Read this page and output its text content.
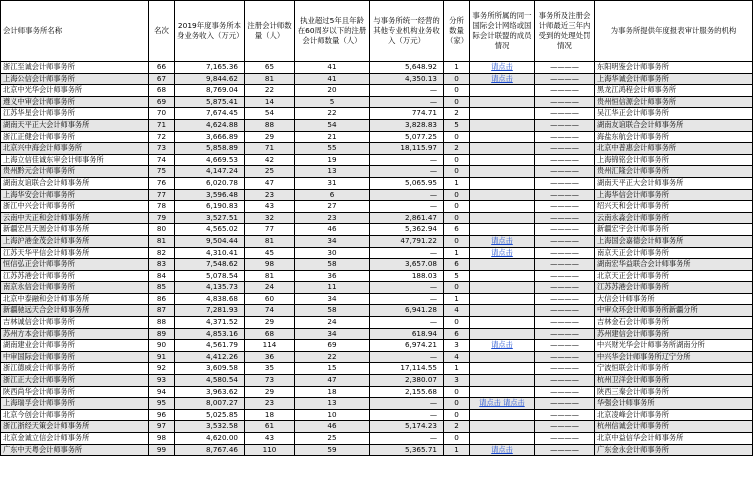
会计师事务所名称	名次	2019年度事务所本身业务收入（万元）	注册会计师数量（人）	执业超过5年且年龄在60周岁以下的注册会计师数量（人）	与事务所统一经营的其他专业机构业务收入（万元）	分所数量（家）	事务所所属的同一国际会计网络或国际会计联盟的成员情况	事务所及注册会计师最近三年内受到的处理处罚情况	为事务所提供年度报表审计服务的机构
浙江至诚会计师事务所	66	7,165.36	65	41	5,648.92	1	请点击	————	东阳明鉴会计师事务所
上海公信会计师事务所	67	9,844.62	81	41	4,350.13	0	请点击	————	上海华诚会计师事务所
北京中光华会计师事务所	68	8,769.04	22	20	—	0		————	黑龙江鸿程会计师事务所
遵义中审会计师事务所	69	5,875.41	14	5	—	0		————	贵州恒信源会计师事务所
江苏华星会计师事务所	70	7,674.45	54	22	774.71	2		————	吴江华正会计师事务所
湖南天平正大会计师事务所	71	4,624.88	88	54	3,828.83	5		————	湖南友谊联合会计师事务所
浙江正健会计师事务所	72	3,666.89	29	21	5,077.25	0		————	海盐东航会计师事务所
北京兴中海会计师事务所	73	5,858.89	71	55	18,115.97	2		————	北京中普惠会计师事务所
上海立信佳诚东审会计师事务所	74	4,669.53	42	19	—	0		————	上海锦铭会计师事务所
贵州黔元会计师事务所	75	4,147.24	25	13	—	0		————	贵州汇隆会计师事务所
湖南友谊联合会计师事务所	76	6,020.78	47	31	5,065.95	1		————	湖南天平正大会计师事务所
上海华安会计师事务所	77	3,596.48	23	6	—	0		————	上海华信会计师事务所
浙江中兴会计师事务所	78	6,190.83	43	27	—	0		————	绍兴天和会计师事务所
云南中天正和会计师事务所	79	3,527.51	32	23	2,861.47	0		————	云南永淼会计师事务所
新疆宏昌天圆会计师事务所	80	4,565.02	77	46	5,362.94	6		————	新疆宏宇会计师事务所
上海沪港金茂会计师事务所	81	9,504.44	81	34	47,791.22	0	请点击	————	上海国会嘉德会计师事务所
江苏天华平信会计师事务所	82	4,310.41	45	30	—	1	请点击	————	南京天正会计师事务所
恒信弘正会计师事务所	83	7,548.62	98	58	3,657.08	6		————	湖南宏华益联合会计师事务所
江苏苏港会计师事务所	84	5,078.54	81	36	188.03	5		————	北京天正会计师事务所
南京永信会计师事务所	85	4,135.73	24	11	—	0		————	江苏苏港会计师事务所
北京中泰融和会计师事务所	86	4,838.68	60	34	—	1		————	大信会计师事务所
新疆驰远天合会计师事务所	87	7,281.93	74	58	6,941.28	4		————	中审众环会计师事务所新疆分所
吉林诚信会计师事务所	88	4,371.52	29	24	—	0		————	吉林金石会计师事务所
苏州方本会计师事务所	89	4,853.16	68	34	618.94	6		————	苏州建信会计师事务所
湖南建业会计师事务所	90	4,561.79	114	69	6,974.21	3	请点击	————	中兴财光华会计师事务所湖南分所
中审国际会计师事务所	91	4,412.26	36	22	—	4		————	中兴华会计师事务所辽宁分所
浙江德威会计师事务所	92	3,609.58	35	15	17,114.55	1		————	宁波恒联会计师事务所
浙江正大会计师事务所	93	4,580.54	73	47	2,380.07	3		————	杭州卫洋会计师事务所
陕西尚华会计师事务所	94	3,963.62	29	18	2,155.68	0		————	陕西三秦会计师事务所
上海瑞孚会计师事务所	95	8,007.27	23	13	—	0	请点击 请点击	————	华强会计师事务所
北京今创会计师事务所	96	5,025.85	18	10	—	0		————	北京凌峰会计师事务所
浙江浙经天策会计师事务所	97	3,532.58	61	46	5,174.23	2		————	杭州信诚会计师事务所
北京金诚立信会计师事务所	98	4,620.00	43	25	—	0		————	北京中益信华会计师事务所
广东中天粤会计师事务所	99	8,767.46	110	59	5,365.71	1	请点击	————	广东金永会计师事务所
